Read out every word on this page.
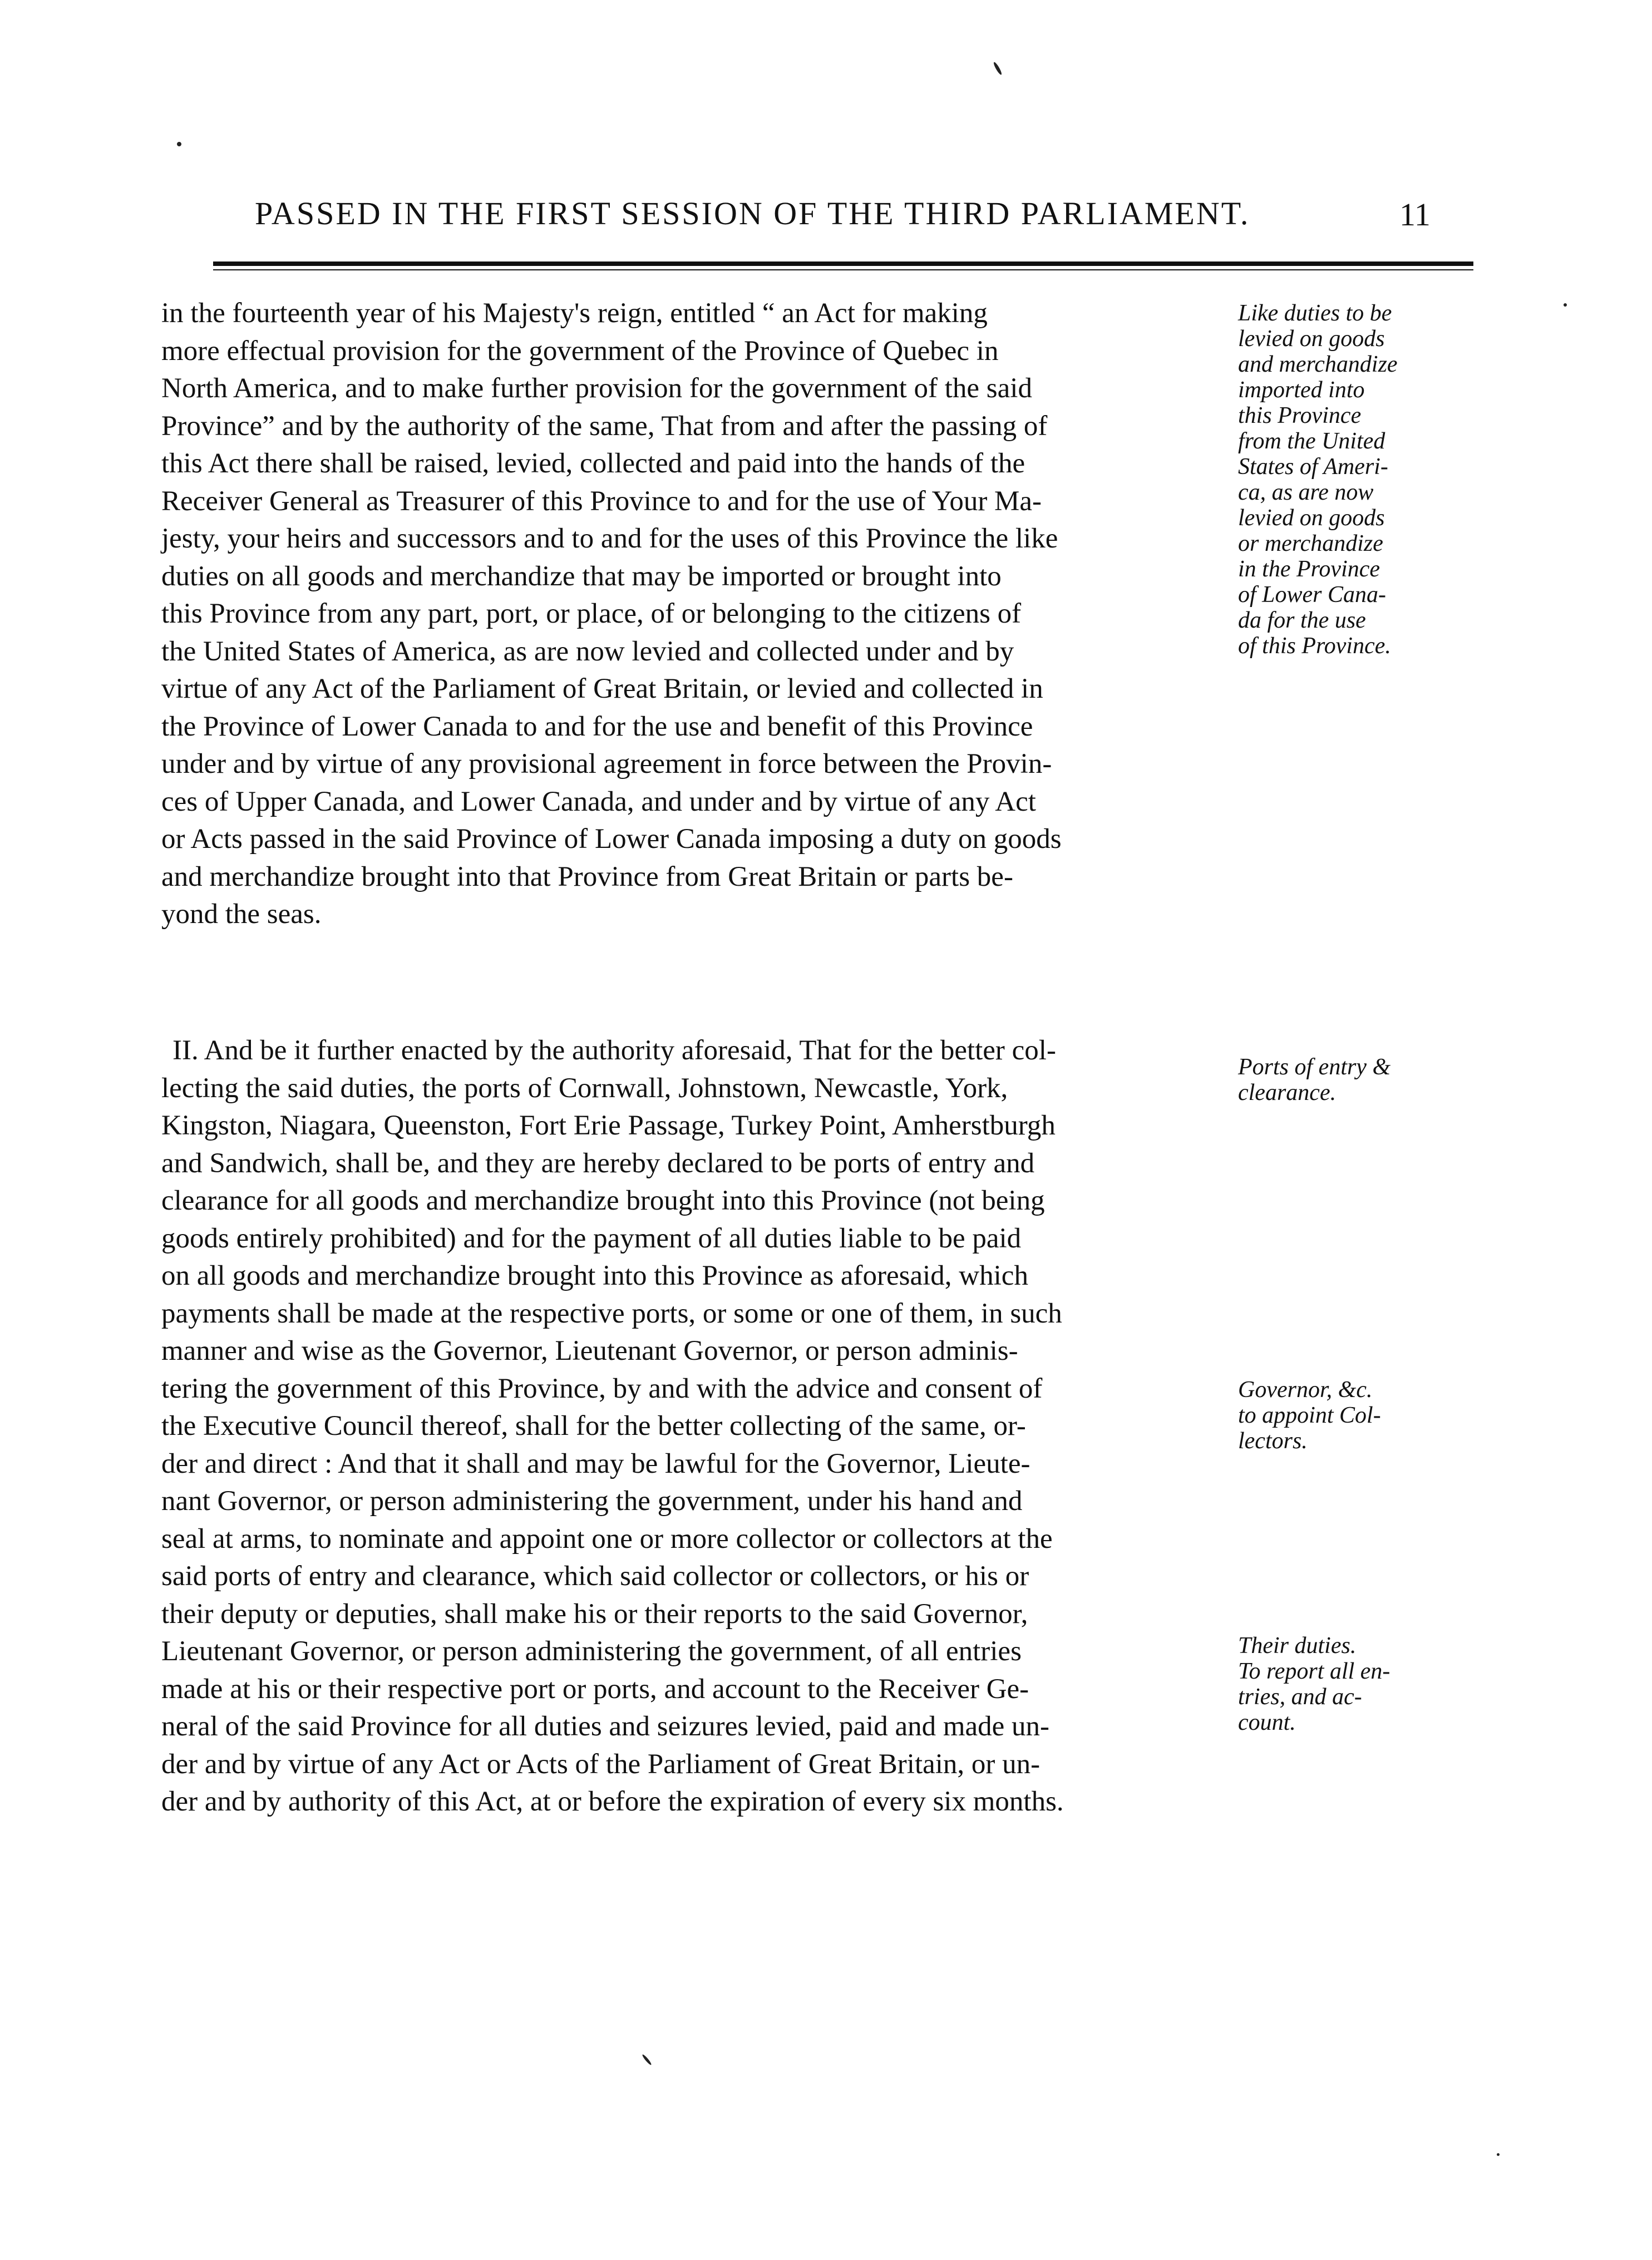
PASSED IN THE FIRST SESSION OF THE THIRD PARLIAMENT.	11
in the fourteenth year of his Majesty's reign, entitled “ an Act for making
more effectual provision for the government of the Province of Quebec in
North America, and to make further provision for the government of the said
Province” and by the authority of the same, That from and after the passing of
this Act there shall be raised, levied, collected and paid into the hands of the
Receiver General as Treasurer of this Province to and for the use of Your Ma-
jesty, your heirs and successors and to and for the uses of this Province the like
duties on all goods and merchandize that may be imported or brought into
this Province from any part, port, or place, of or belonging to the citizens of
the United States of America, as are now levied and collected under and by
virtue of any Act of the Parliament of Great Britain, or levied and collected in
the Province of Lower Canada to and for the use and benefit of this Province
under and by virtue of any provisional agreement in force between the Provin-
ces of Upper Canada, and Lower Canada, and under and by virtue of any Act
or Acts passed in the said Province of Lower Canada imposing a duty on goods
and merchandize brought into that Province from Great Britain or parts be-
yond the seas.
II. And be it further enacted by the authority aforesaid, That for the better col-
lecting the said duties, the ports of Cornwall, Johnstown, Newcastle, York,
Kingston, Niagara, Queenston, Fort Erie Passage, Turkey Point, Amherstburgh
and Sandwich, shall be, and they are hereby declared to be ports of entry and
clearance for all goods and merchandize brought into this Province (not being
goods entirely prohibited) and for the payment of all duties liable to be paid
on all goods and merchandize brought into this Province as aforesaid, which
payments shall be made at the respective ports, or some or one of them, in such
manner and wise as the Governor, Lieutenant Governor, or person adminis-
tering the government of this Province, by and with the advice and consent of
the Executive Council thereof, shall for the better collecting of the same, or-
der and direct : And that it shall and may be lawful for the Governor, Lieute-
nant Governor, or person administering the government, under his hand and
seal at arms, to nominate and appoint one or more collector or collectors at the
said ports of entry and clearance, which said collector or collectors, or his or
their deputy or deputies, shall make his or their reports to the said Governor,
Lieutenant Governor, or person administering the government, of all entries
made at his or their respective port or ports, and account to the Receiver Ge-
neral of the said Province for all duties and seizures levied, paid and made un-
der and by virtue of any Act or Acts of the Parliament of Great Britain, or un-
der and by authority of this Act, at or before the expiration of every six months.
Like duties to be
levied on goods
and merchandize
imported into
this Province
from the United
States of Ameri-
ca, as are now
levied on goods
or merchandize
in the Province
of Lower Cana-
da for the use
of this Province.
Ports of entry &
clearance.
Governor, &c.
to appoint Col-
lectors.
Their duties.
To report all en-
tries, and ac-
count.
